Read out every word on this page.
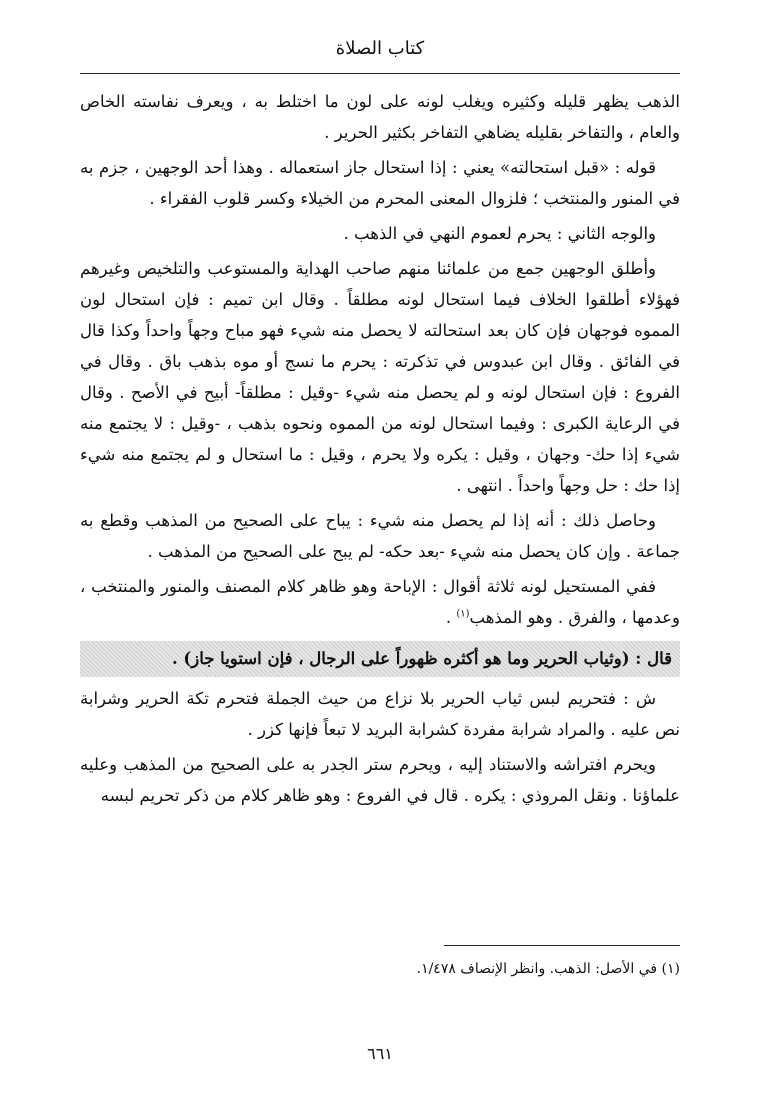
كتاب الصلاة

الذهب يظهر قليله وكثيره ويغلب لونه على لون ما اختلط به ، ويعرف نفاسته الخاص والعام ، والتفاخر بقليله يضاهي التفاخر بكثير الحرير .

قوله : «قبل استحالته» يعني : إذا استحال جاز استعماله . وهذا أحد الوجهين ، جزم به في المنور والمنتخب ؛ فلزوال المعنى المحرم من الخيلاء وكسر قلوب الفقراء .

والوجه الثاني : يحرم لعموم النهي في الذهب .

وأطلق الوجهين جمع من علمائنا منهم صاحب الهداية والمستوعب والتلخيص وغيرهم فهؤلاء أطلقوا الخلاف فيما استحال لونه مطلقاً . وقال ابن تميم : فإن استحال لون المموه فوجهان فإن كان بعد استحالته لا يحصل منه شيء فهو مباح وجهاً واحداً وكذا قال في الفائق . وقال ابن عبدوس في تذكرته : يحرم ما نسج أو موه بذهب باق . وقال في الفروع : فإن استحال لونه و لم يحصل منه شيء -وقيل : مطلقاً- أبيح في الأصح . وقال في الرعاية الكبرى : وفيما استحال لونه من المموه ونحوه بذهب ، -وقيل : لا يجتمع منه شيء إذا حك- وجهان ، وقيل : يكره ولا يحرم ، وقيل : ما استحال و لم يجتمع منه شيء إذا حك : حل وجهاً واحداً . انتهى .

وحاصل ذلك : أنه إذا لم يحصل منه شيء : يباح على الصحيح من المذهب وقطع به جماعة . وإن كان يحصل منه شيء -بعد حكه- لم يبح على الصحيح من المذهب .

ففي المستحيل لونه ثلاثة أقوال : الإباحة وهو ظاهر كلام المصنف والمنور والمنتخب ، وعدمها ، والفرق . وهو المذهب$^{(١)}$ .

قال : (وثياب الحرير وما هو أكثره ظهوراً على الرجال ، فإن استويا جاز) .

ش : فتحريم لبس ثياب الحرير بلا نزاع من حيث الجملة فتحرم تكة الحرير وشرابة نص عليه . والمراد شرابة مفردة كشرابة البريد لا تبعاً فإنها كزر .

ويحرم افتراشه والاستناد إليه ، ويحرم ستر الجدر به على الصحيح من المذهب وعليه علماؤنا . ونقل المروذي : يكره . قال في الفروع : وهو ظاهر كلام من ذكر تحريم لبسه

(١) في الأصل: الذهب. وانظر الإنصاف ١/٤٧٨.
٦٦١
